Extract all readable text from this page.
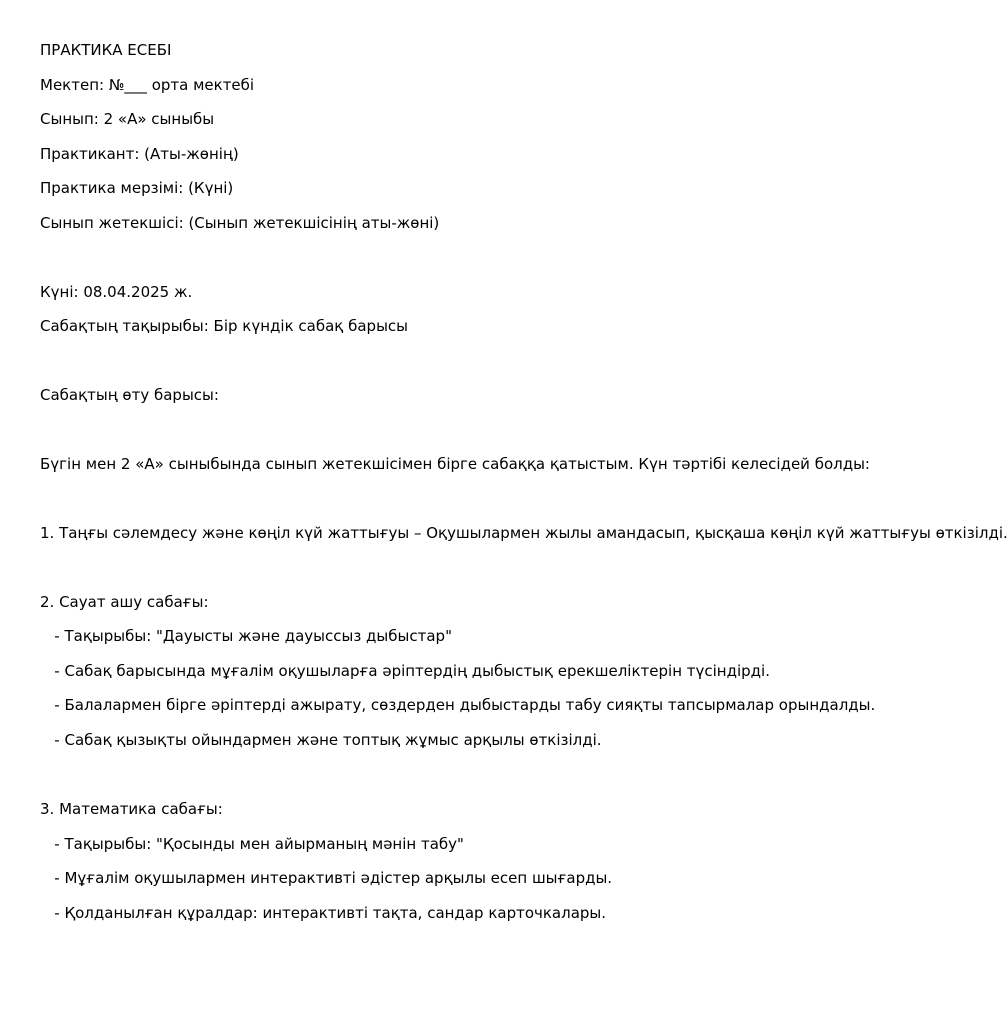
ПРАКТИКА ЕСЕБІ
Мектеп: №___ орта мектебі
Сынып: 2 «А» сыныбы
Практикант: (Аты-жөнің)
Практика мерзімі: (Күні)
Сынып жетекшісі: (Сынып жетекшісінің аты-жөні)
Күні: 08.04.2025 ж.
Сабақтың тақырыбы: Бір күндік сабақ барысы
Сабақтың өту барысы:
Бүгін мен 2 «А» сыныбында сынып жетекшісімен бірге сабаққа қатыстым. Күн тәртібі келесідей болды:
1. Таңғы сәлемдесу және көңіл күй жаттығуы – Оқушылармен жылы амандасып, қысқаша көңіл күй жаттығуы өткізілді.
2. Сауат ашу сабағы:
- Тақырыбы: "Дауысты және дауыссыз дыбыстар"
- Сабақ барысында мұғалім оқушыларға әріптердің дыбыстық ерекшеліктерін түсіндірді.
- Балалармен бірге әріптерді ажырату, сөздерден дыбыстарды табу сияқты тапсырмалар орындалды.
- Сабақ қызықты ойындармен және топтық жұмыс арқылы өткізілді.
3. Математика сабағы:
- Тақырыбы: "Қосынды мен айырманың мәнін табу"
- Мұғалім оқушылармен интерактивті әдістер арқылы есеп шығарды.
- Қолданылған құралдар: интерактивті тақта, сандар карточкалары.
